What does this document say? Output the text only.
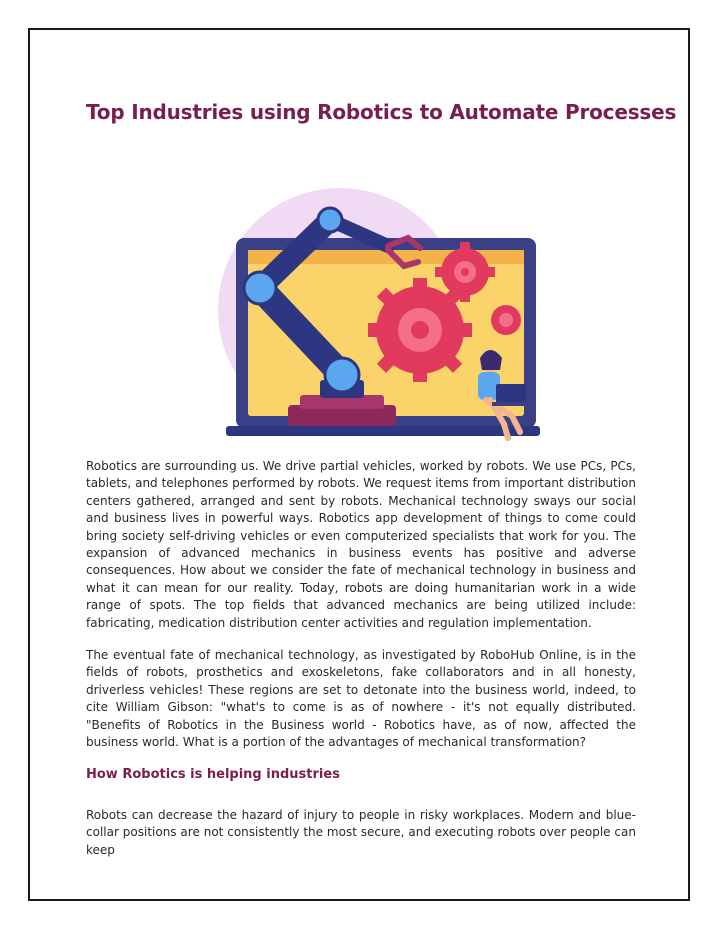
Top Industries using Robotics to Automate Processes

Robotics are surrounding us. We drive partial vehicles, worked by robots. We use PCs, PCs, tablets, and telephones performed by robots. We request items from important distribution centers gathered, arranged and sent by robots. Mechanical technology sways our social and business lives in powerful ways. Robotics app development of things to come could bring society self-driving vehicles or even computerized specialists that work for you. The expansion of advanced mechanics in business events has positive and adverse consequences. How about we consider the fate of mechanical technology in business and what it can mean for our reality. Today, robots are doing humanitarian work in a wide range of spots. The top fields that advanced mechanics are being utilized include: fabricating, medication distribution center activities and regulation implementation.

The eventual fate of mechanical technology, as investigated by RoboHub Online, is in the fields of robots, prosthetics and exoskeletons, fake collaborators and in all honesty, driverless vehicles! These regions are set to detonate into the business world, indeed, to cite William Gibson: "what's to come is as of nowhere - it's not equally distributed. "Benefits of Robotics in the Business world - Robotics have, as of now, affected the business world. What is a portion of the advantages of mechanical transformation?

How Robotics is helping industries

Robots can decrease the hazard of injury to people in risky workplaces. Modern and blue-collar positions are not consistently the most secure, and executing robots over people can keep
